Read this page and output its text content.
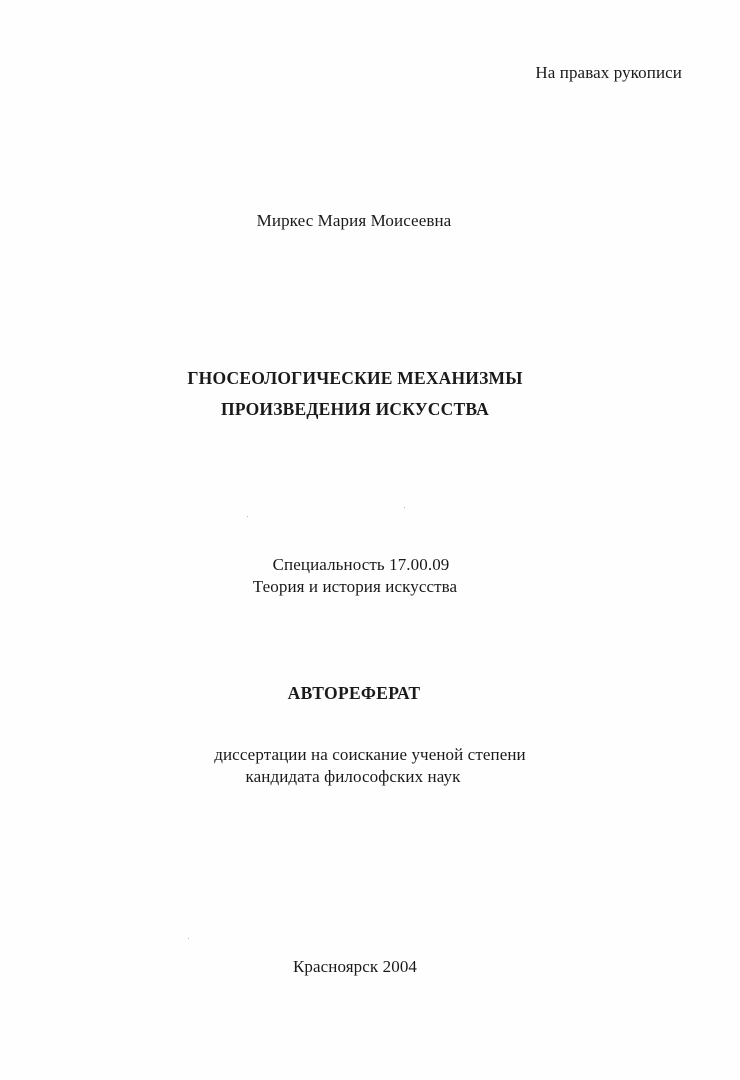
На правах рукописи
Миркес Мария Моисеевна
ГНОСЕОЛОГИЧЕСКИЕ МЕХАНИЗМЫ
ПРОИЗВЕДЕНИЯ ИСКУССТВА
Специальность 17.00.09
Теория и история искусства
АВТОРЕФЕРАТ
диссертации на соискание ученой степени
кандидата философских наук
Красноярск 2004
